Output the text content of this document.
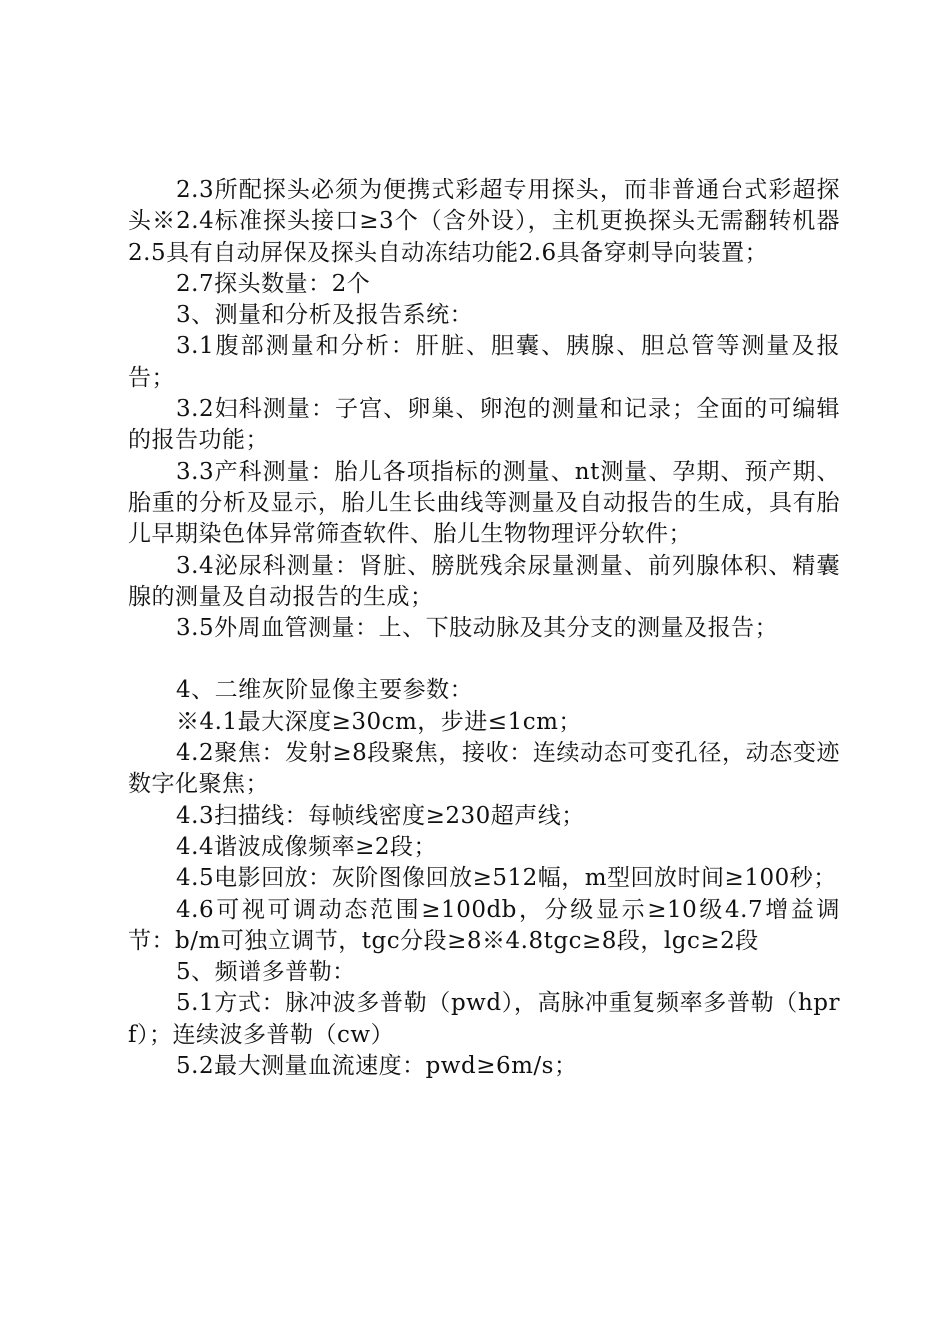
2.3所配探头必须为便携式彩超专用探头，而非普通台式彩超探头※2.4标准探头接口≥3个（含外设），主机更换探头无需翻转机器2.5具有自动屏保及探头自动冻结功能2.6具备穿刺导向装置；

2.7探头数量：2个

3、测量和分析及报告系统：

3.1腹部测量和分析：肝脏、胆囊、胰腺、胆总管等测量及报告；

3.2妇科测量：子宫、卵巢、卵泡的测量和记录；全面的可编辑的报告功能；

3.3产科测量：胎儿各项指标的测量、nt测量、孕期、预产期、胎重的分析及显示，胎儿生长曲线等测量及自动报告的生成，具有胎儿早期染色体异常筛查软件、胎儿生物物理评分软件；

3.4泌尿科测量：肾脏、膀胱残余尿量测量、前列腺体积、精囊腺的测量及自动报告的生成；

3.5外周血管测量：上、下肢动脉及其分支的测量及报告；

4、二维灰阶显像主要参数：

※4.1最大深度≥30cm，步进≤1cm；

4.2聚焦：发射≥8段聚焦，接收：连续动态可变孔径，动态变迹数字化聚焦；

4.3扫描线：每帧线密度≥230超声线；

4.4谐波成像频率≥2段；

4.5电影回放：灰阶图像回放≥512幅，m型回放时间≥100秒；

4.6可视可调动态范围≥100db，分级显示≥10级4.7增益调节：b/m可独立调节，tgc分段≥8※4.8tgc≥8段，lgc≥2段

5、频谱多普勒：

5.1方式：脉冲波多普勒（pwd），高脉冲重复频率多普勒（hprf）；连续波多普勒（cw）

5.2最大测量血流速度：pwd≥6m/s；
